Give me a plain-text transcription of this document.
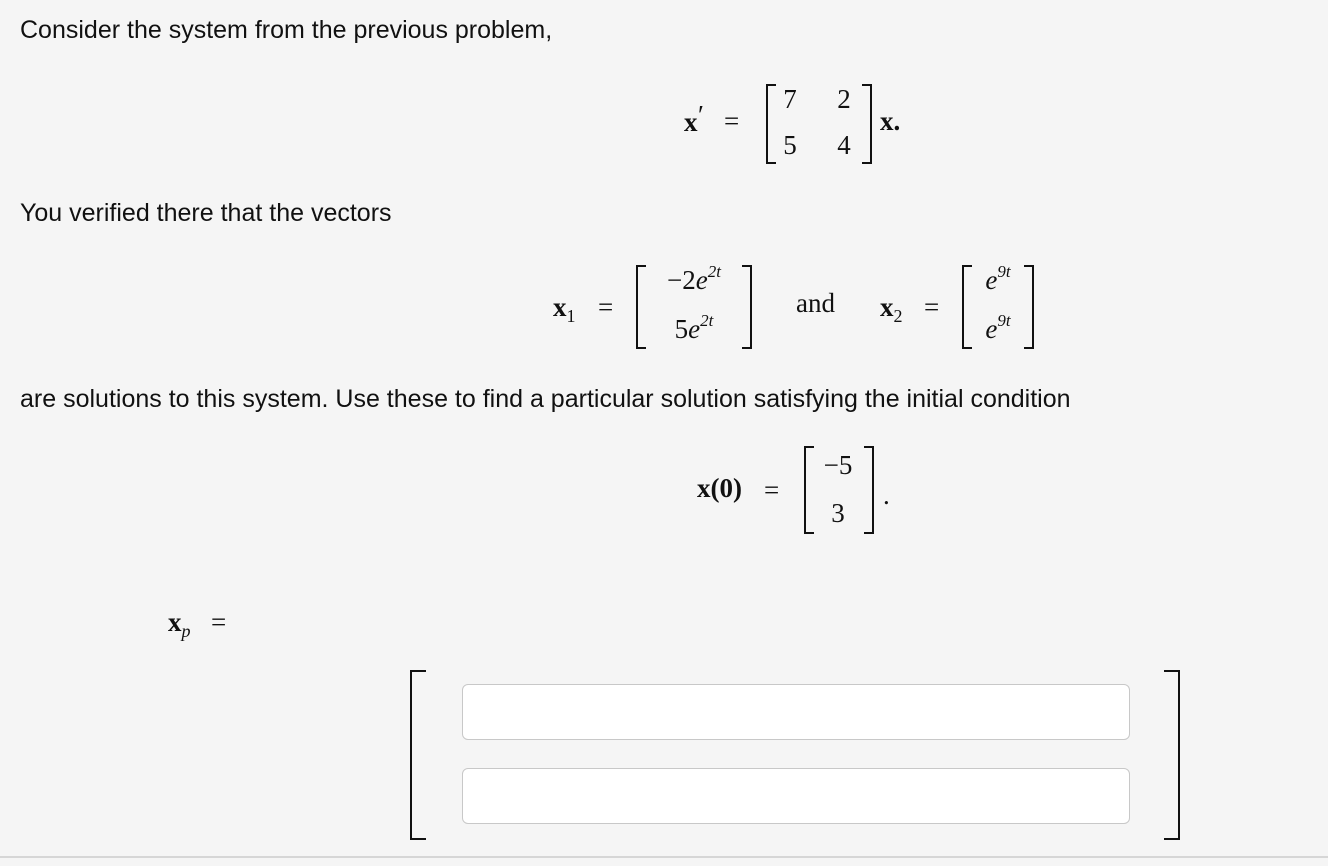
Consider the system from the previous problem,
x ′ =
7 2
5 4
x.
You verified there that the vectors
$x_1$ =
$-2e^{2t}$
$5e^{2t}$
and $x_2$ =
$e^{9t}$
$e^{9t}$
are solutions to this system. Use these to find a particular solution satisfying the initial condition
x(0) =
−5
3
.
$x_p$ =
